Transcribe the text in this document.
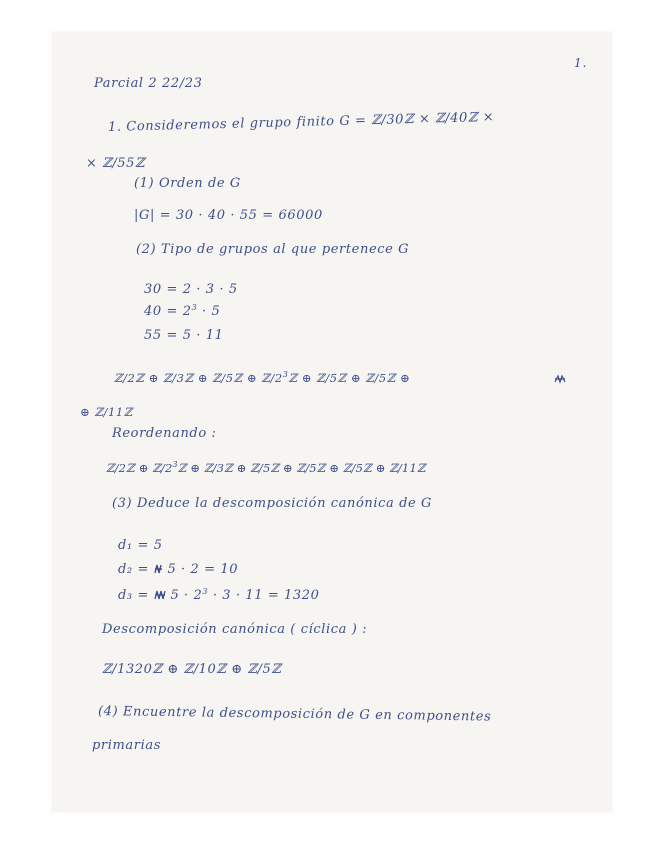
1.
Parcial 2 22/23
1. Consideremos el grupo finito G = ℤ/30ℤ × ℤ/40ℤ ×
× ℤ/55ℤ
(1) Orden de G
|G| = 30 · 40 · 55 = 66000
(2) Tipo de grupos al que pertenece G
30 = 2 · 3 · 5
$40 = 2^3 \cdot 5$
55 = 5 · 11
ℤ/2ℤ ⊕ ℤ/3ℤ ⊕ ℤ/5ℤ ⊕ $ℤ/2^3ℤ$ ⊕ ℤ/5ℤ ⊕ ℤ/5ℤ ⊕
⊕ ℤ/11ℤ
Reordenando :
ℤ/2ℤ ⊕ $ℤ/2^3ℤ$ ⊕ ℤ/3ℤ ⊕ ℤ/5ℤ ⊕ ℤ/5ℤ ⊕ ℤ/5ℤ ⊕ ℤ/11ℤ
(3) Deduce la descomposición canónica de G
d₁ = 5
d₂ =  5 · 2 = 10
$d_3 = 5 \cdot 2^3 \cdot 3 \cdot 11 = 1320$
Descomposición canónica ( cíclica ) :
ℤ/1320ℤ ⊕ ℤ/10ℤ ⊕ ℤ/5ℤ
(4) Encuentre la descomposición de G en componentes
primarias
